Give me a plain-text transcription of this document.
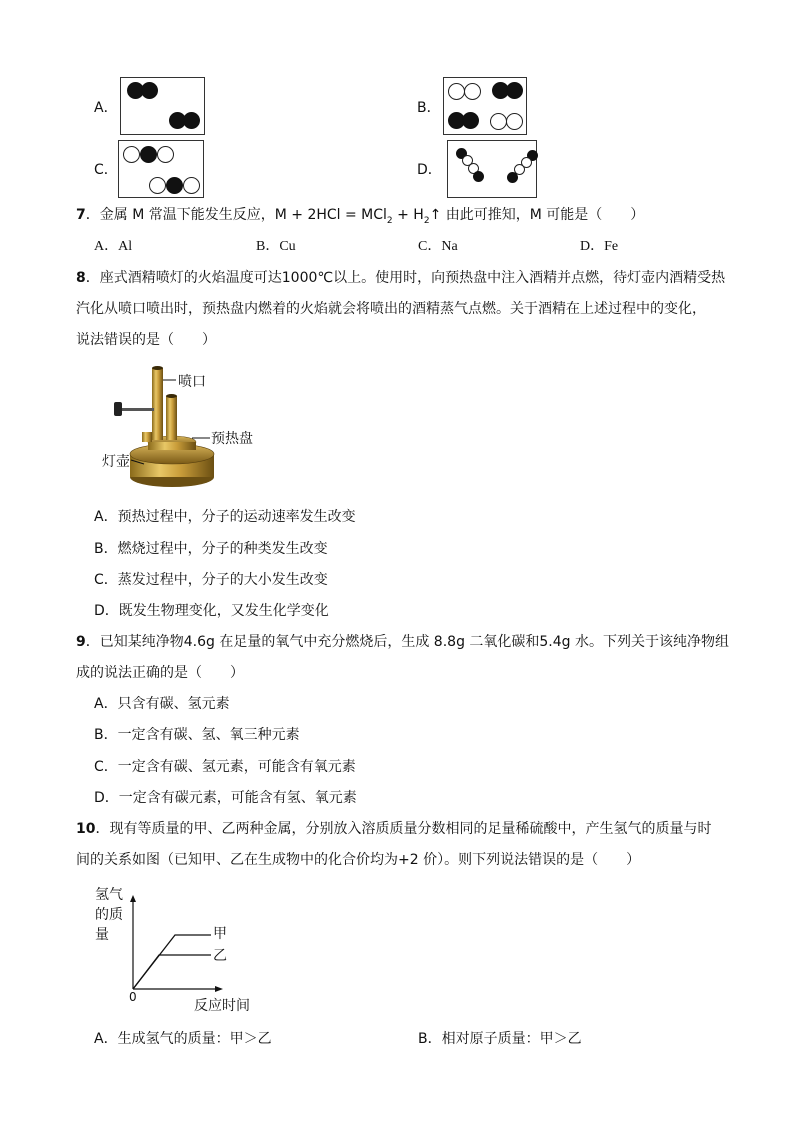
A．	B．
C．	D．
7．金属 M 常温下能发生反应，$M + 2HCl = MCl_2 + H_2↑$ 由此可推知，M 可能是（　　）
A．Al	B．Cu	C．Na	D．Fe
8．座式酒精喷灯的火焰温度可达1000℃以上。使用时，向预热盘中注入酒精并点燃，待灯壶内酒精受热
汽化从喷口喷出时，预热盘内燃着的火焰就会将喷出的酒精蒸气点燃。关于酒精在上述过程中的变化，
说法错误的是（　　）
喷口
预热盘
灯壶
A．预热过程中，分子的运动速率发生改变
B．燃烧过程中，分子的种类发生改变
C．蒸发过程中，分子的大小发生改变
D．既发生物理变化，又发生化学变化
9．已知某纯净物4.6g 在足量的氧气中充分燃烧后，生成 8.8g 二氧化碳和5.4g 水。下列关于该纯净物组
成的说法正确的是（　　）
A．只含有碳、氢元素
B．一定含有碳、氢、氧三种元素
C．一定含有碳、氢元素，可能含有氧元素
D．一定含有碳元素，可能含有氢、氧元素
10．现有等质量的甲、乙两种金属，分别放入溶质质量分数相同的足量稀硫酸中，产生氢气的质量与时
间的关系如图（已知甲、乙在生成物中的化合价均为+2 价）。则下列说法错误的是（　　）
氢气
的质
量	甲
乙
0
反应时间
A．生成氢气的质量：甲＞乙	B．相对原子质量：甲＞乙
